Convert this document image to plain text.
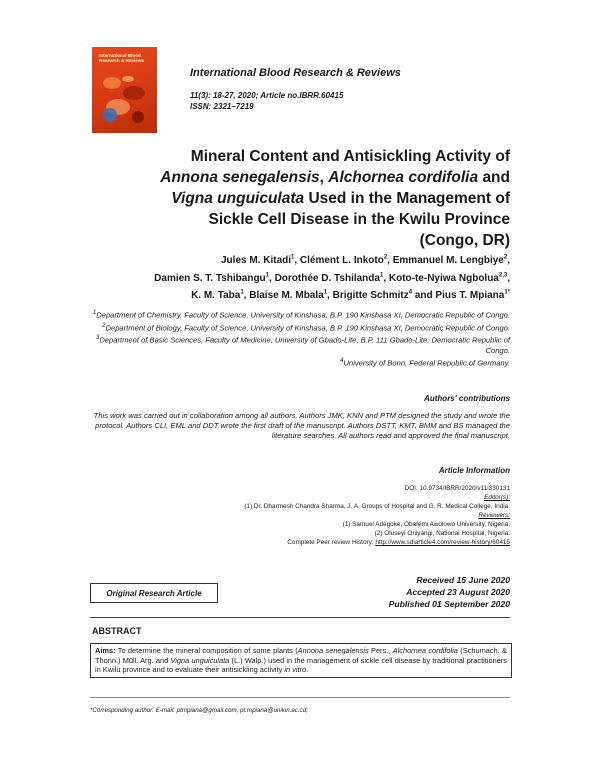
International Blood Research & Reviews
International Blood Research & Reviews
11(3): 18-27, 2020; Article no.IBRR.60415
ISSN: 2321–7219
Mineral Content and Antisickling Activity of
Annona senegalensis, Alchornea cordifolia and
Vigna unguiculata Used in the Management of Sickle Cell Disease in the Kwilu Province (Congo, DR)
Jules M. Kitadi$^1$, Clément L. Inkoto$^2$, Emmanuel M. Lengbiye$^2$,
Damien S. T. Tshibangu$^1$, Dorothée D. Tshilanda$^1$, Koto-te-Nyiwa Ngbolua$^{2,3}$,
K. M. Taba$^1$, Blaise M. Mbala$^1$, Brigitte Schmitz$^4$ and Pius T. Mpiana$^{1*}$
$^1$Department of Chemistry, Faculty of Science, University of Kinshasa, B.P. 190 Kinshasa XI, Democratic Republic of Congo.
$^2$Department of Biology, Faculty of Science, University of Kinshasa, B.P. 190 Kinshasa XI, Democratic Republic of Congo.
$^3$Department of Basic Sciences, Faculty of Medicine, University of Gbado-Lite, B.P. 111 Gbado-Lite, Democratic Republic of Congo.
$^4$University of Bonn, Federal Republic of Germany.
Authors' contributions
This work was carried out in collaboration among all authors. Authors JMK, KNN and PTM designed the study and wrote the protocol. Authors CLI, EML and DDT wrote the first draft of the manuscript. Authors DSTT, KMT, BMM and BS managed the literature searches. All authors read and approved the final manuscript.
Article Information
DOI: 10.9734/IBRR/2020/v11i330131
Editor(s):
(1) Dr. Dharmesh Chandra Sharma, J. A. Groups of Hospital and G. R. Medical College, India.
Reviewers:
(1) Samuel Adegoke, Obafemi Awolowo University, Nigeria.
(2) Oluseyi Oniyangi, National Hospital, Nigeria.
Complete Peer review History: http://www.sdiarticle4.com/review-history/60415
Original Research Article
Received 15 June 2020
Accepted 23 August 2020
Published 01 September 2020
ABSTRACT
Aims: To determine the mineral composition of some plants (Annona senegalensis Pers., Alchornea cordifolia (Schumach. & Thonn.) Müll. Arg. and Vigna unguiculata (L.) Walp.) used in the management of sickle cell disease by traditional practitioners in Kwilu province and to evaluate their antisickling activity in vitro.
*Corresponding author: E-mail: ptmpiana@gmail.com, pt.mpiana@unikin.ac.cd;
